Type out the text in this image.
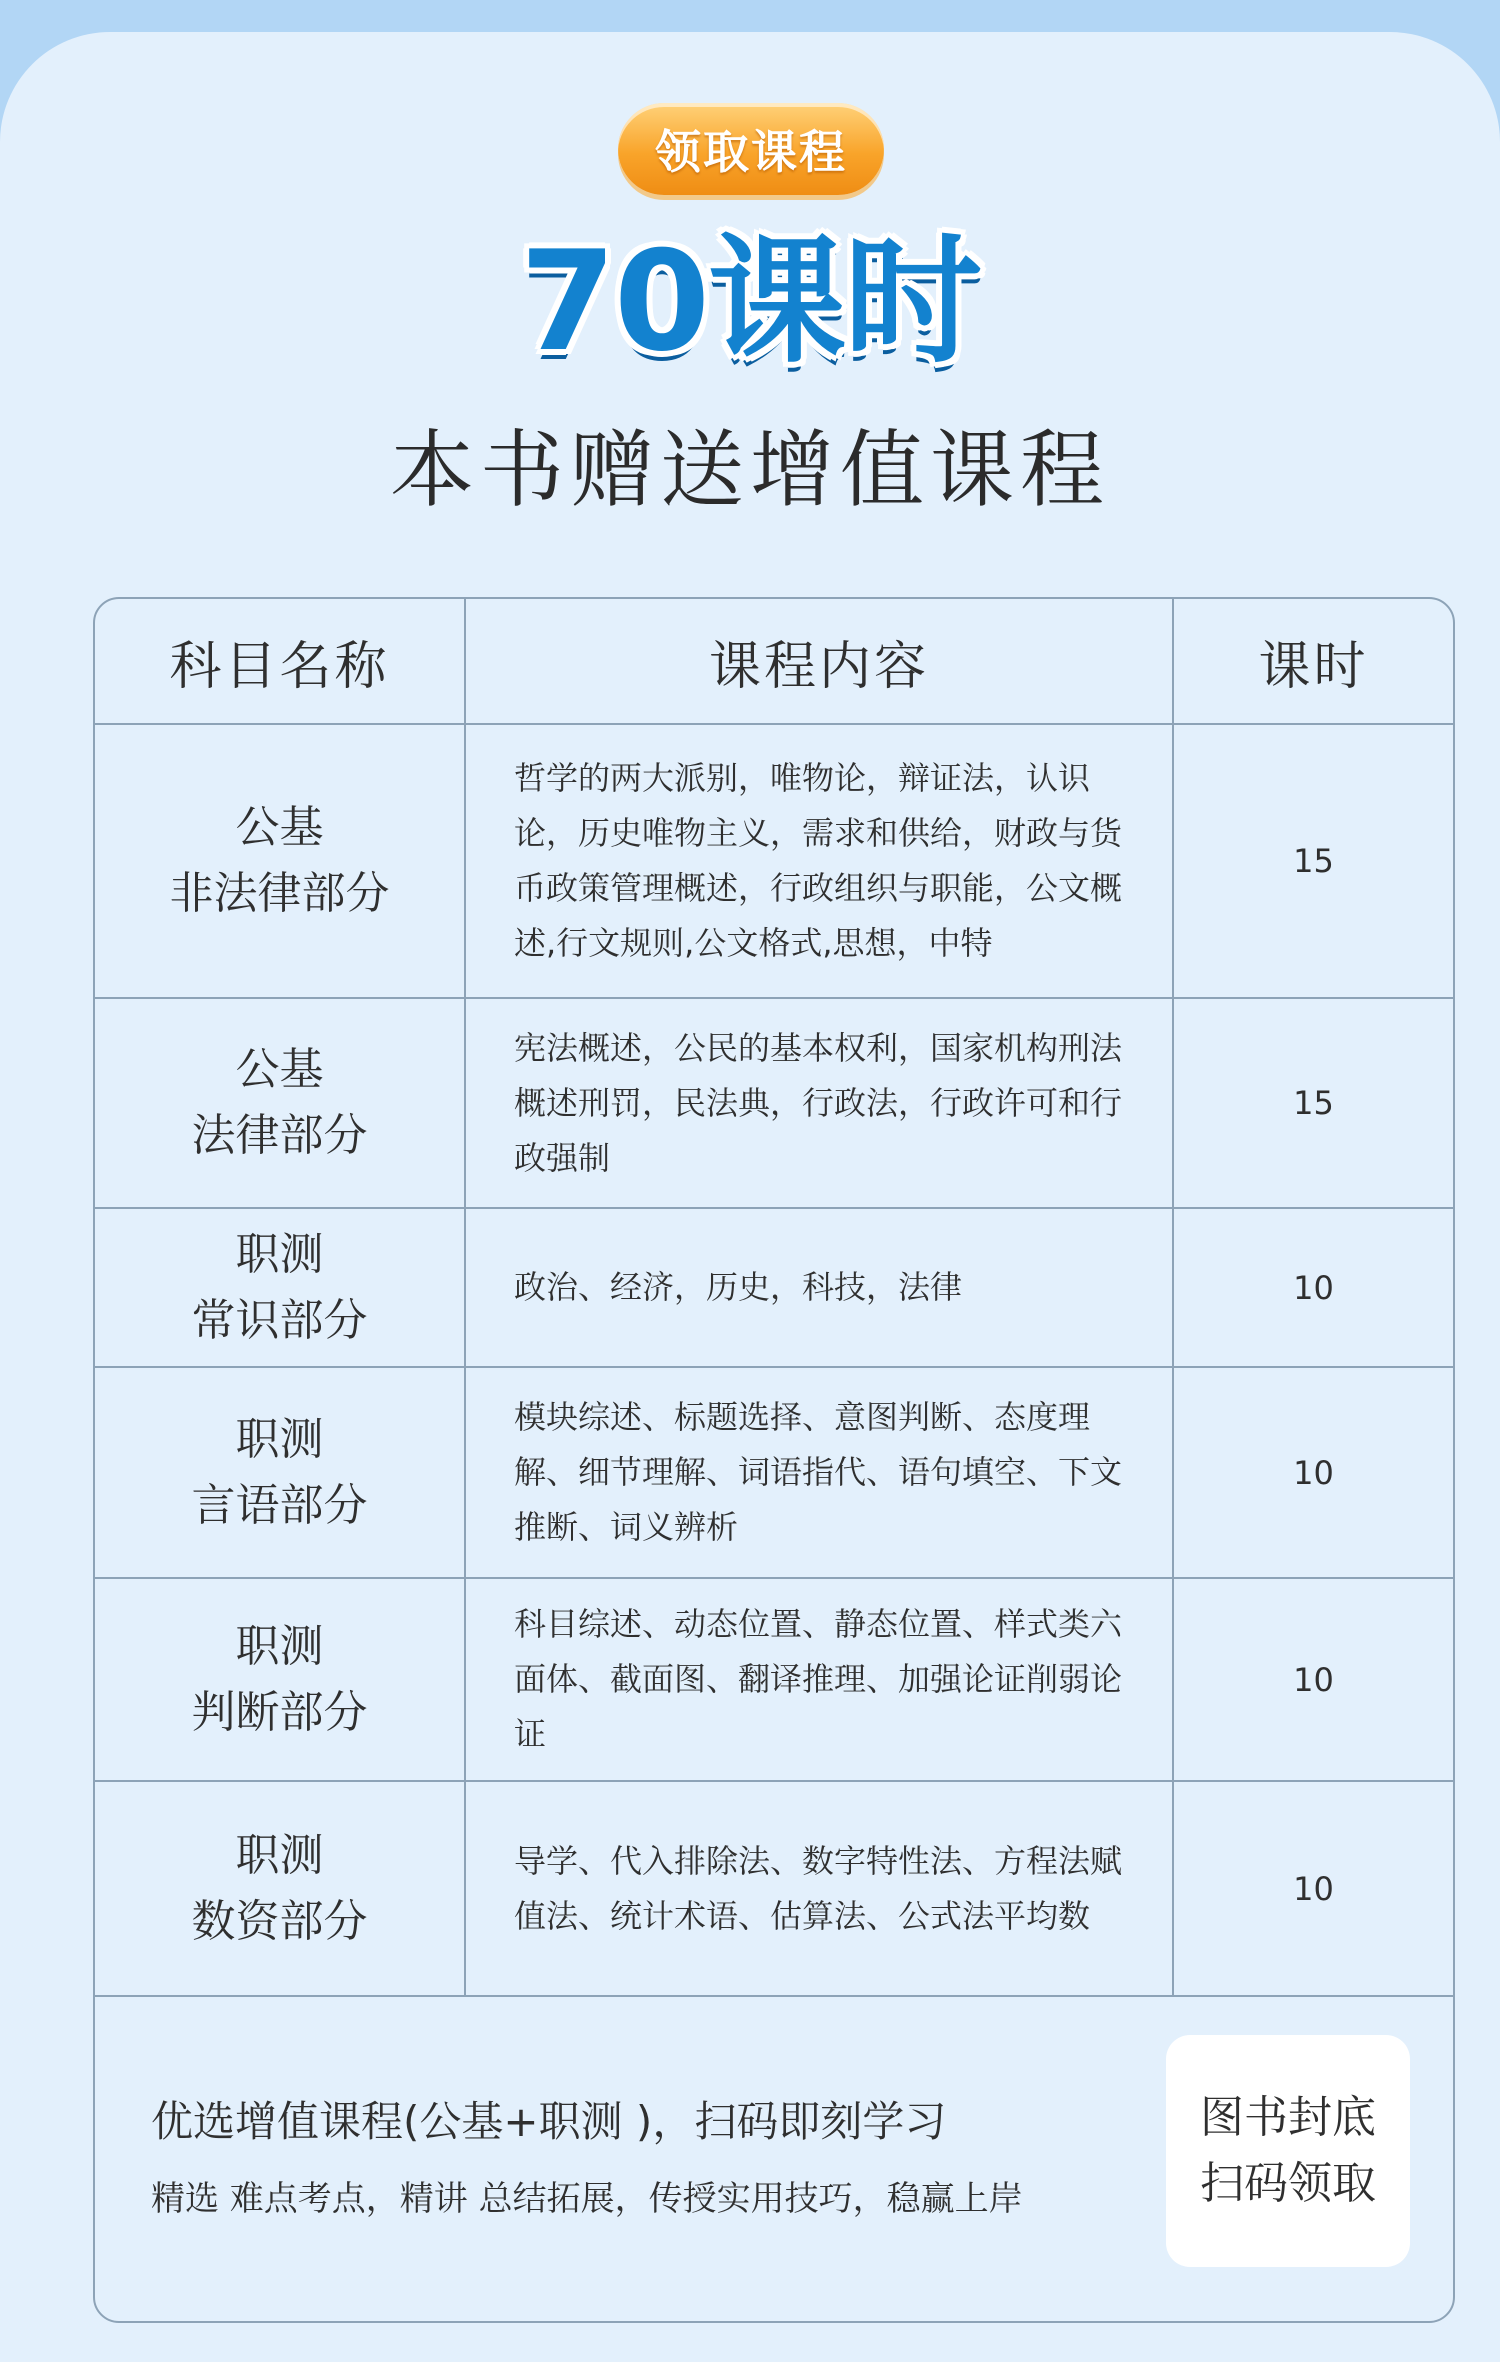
领取课程
70课时
本书赠送增值课程
科目名称	课程内容	课时
公基
非法律部分	哲学的两大派别，唯物论，辩证法，认识论，历史唯物主义，需求和供给，财政与货币政策管理概述，行政组织与职能，公文概述,行文规则,公文格式,思想，中特	15
公基
法律部分	宪法概述，公民的基本权利，国家机构刑法概述刑罚，民法典，行政法，行政许可和行政强制	15
职测
常识部分	政治、经济，历史，科技，法律	10
职测
言语部分	模块综述、标题选择、意图判断、态度理解、细节理解、词语指代、语句填空、下文推断、词义辨析	10
职测
判断部分	科目综述、动态位置、静态位置、样式类六面体、截面图、翻译推理、加强论证削弱论证	10
职测
数资部分	导学、代入排除法、数字特性法、方程法赋值法、统计术语、估算法、公式法平均数	10
优选增值课程(公基+职测 )，扫码即刻学习
精选 难点考点，精讲 总结拓展，传授实用技巧，稳赢上岸
图书封底
扫码领取
